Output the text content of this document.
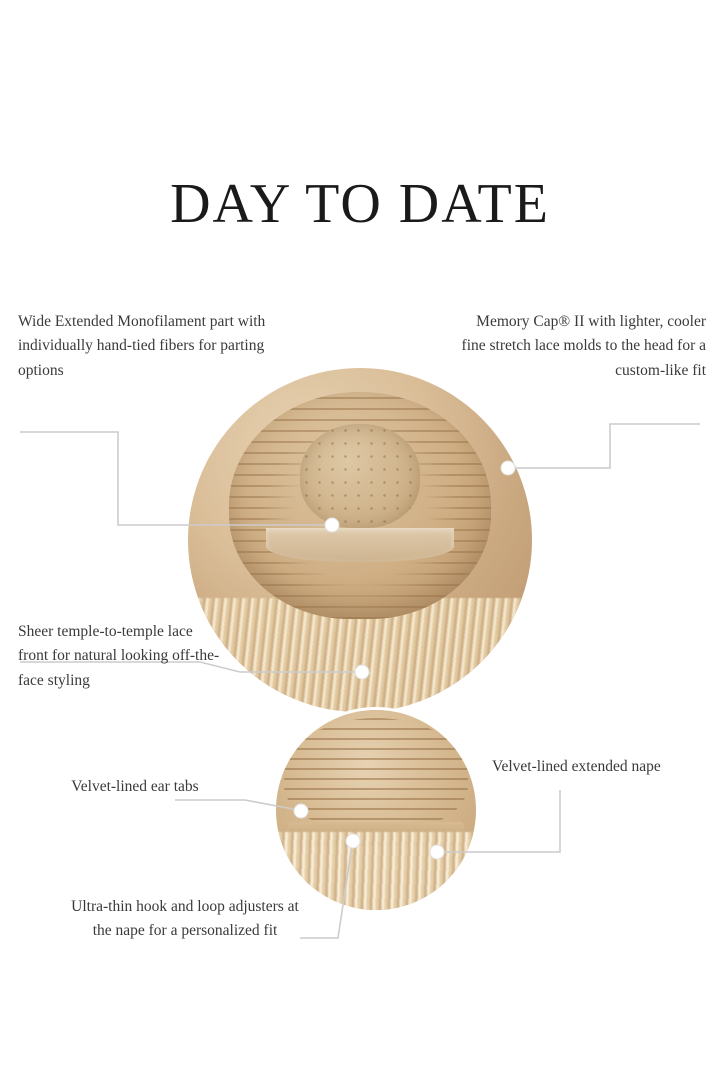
DAY TO DATE
Wide Extended Monofilament part with individually hand-tied fibers for parting options
Memory Cap® II with lighter, cooler fine stretch lace molds to the head for a custom-like fit
Sheer temple-to-temple lace front for natural looking off-the-face styling
Velvet-lined ear tabs
Velvet-lined extended nape
Ultra-thin hook and loop adjusters at the nape for a personalized fit
